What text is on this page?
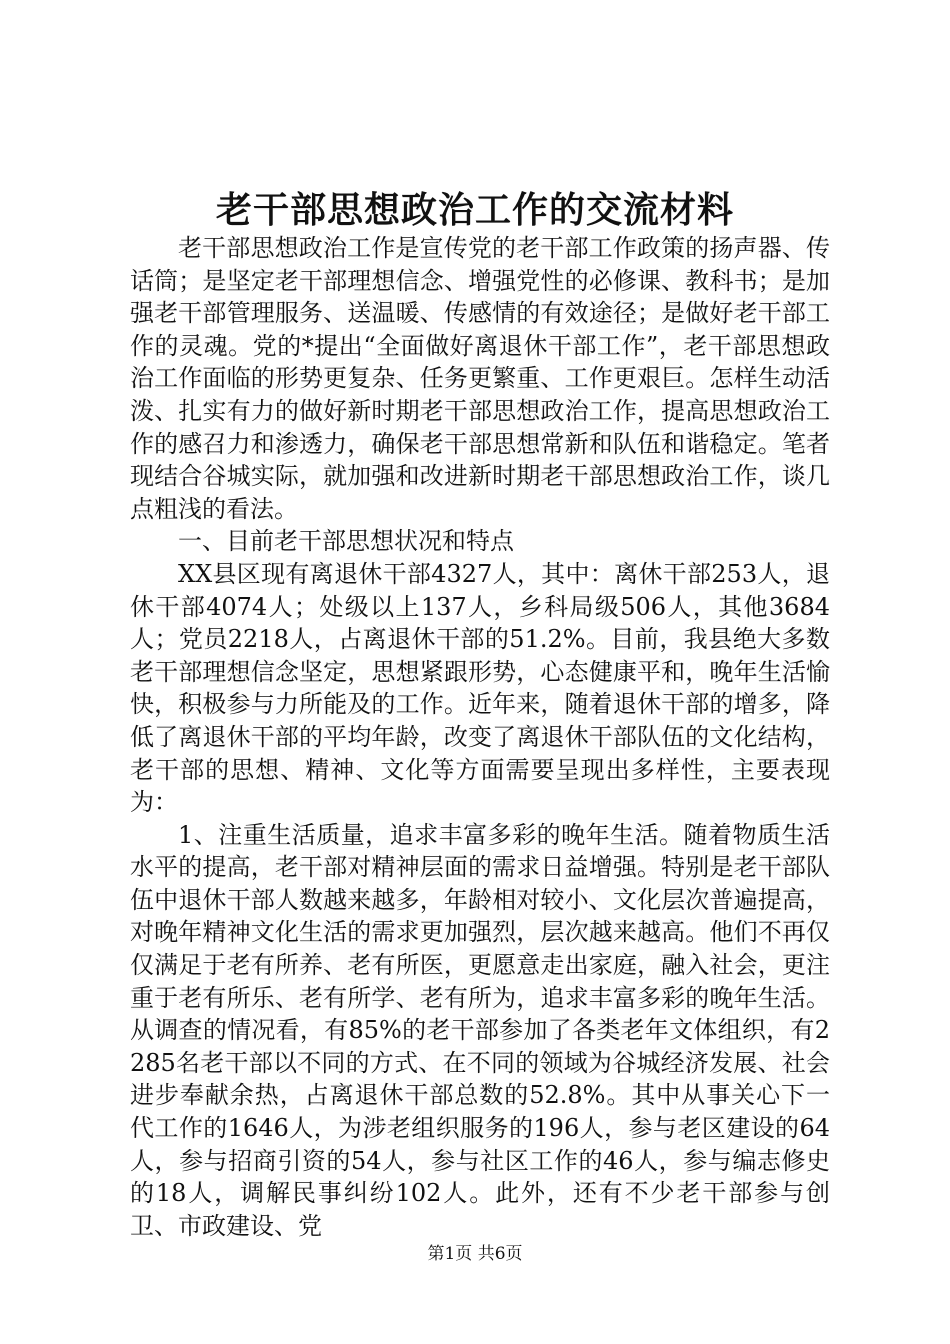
老干部思想政治工作的交流材料

老干部思想政治工作是宣传党的老干部工作政策的扬声器、传话筒；是坚定老干部理想信念、增强党性的必修课、教科书；是加强老干部管理服务、送温暖、传感情的有效途径；是做好老干部工作的灵魂。党的*提出“全面做好离退休干部工作”，老干部思想政治工作面临的形势更复杂、任务更繁重、工作更艰巨。怎样生动活泼、扎实有力的做好新时期老干部思想政治工作，提高思想政治工作的感召力和渗透力，确保老干部思想常新和队伍和谐稳定。笔者现结合谷城实际，就加强和改进新时期老干部思想政治工作，谈几点粗浅的看法。

一、目前老干部思想状况和特点

XX县区现有离退休干部4327人，其中：离休干部253人，退休干部4074人；处级以上137人，乡科局级506人，其他3684人；党员2218人，占离退休干部的51.2%。目前，我县绝大多数老干部理想信念坚定，思想紧跟形势，心态健康平和，晚年生活愉快，积极参与力所能及的工作。近年来，随着退休干部的增多，降低了离退休干部的平均年龄，改变了离退休干部队伍的文化结构，老干部的思想、精神、文化等方面需要呈现出多样性，主要表现为：

1、注重生活质量，追求丰富多彩的晚年生活。随着物质生活水平的提高，老干部对精神层面的需求日益增强。特别是老干部队伍中退休干部人数越来越多，年龄相对较小、文化层次普遍提高，对晚年精神文化生活的需求更加强烈，层次越来越高。他们不再仅仅满足于老有所养、老有所医，更愿意走出家庭，融入社会，更注重于老有所乐、老有所学、老有所为，追求丰富多彩的晚年生活。从调查的情况看，有85%的老干部参加了各类老年文体组织，有2285名老干部以不同的方式、在不同的领域为谷城经济发展、社会进步奉献余热，占离退休干部总数的52.8%。其中从事关心下一代工作的1646人，为涉老组织服务的196人，参与老区建设的64人，参与招商引资的54人，参与社区工作的46人，参与编志修史的18人，调解民事纠纷102人。此外，还有不少老干部参与创卫、市政建设、党

第1页 共6页
